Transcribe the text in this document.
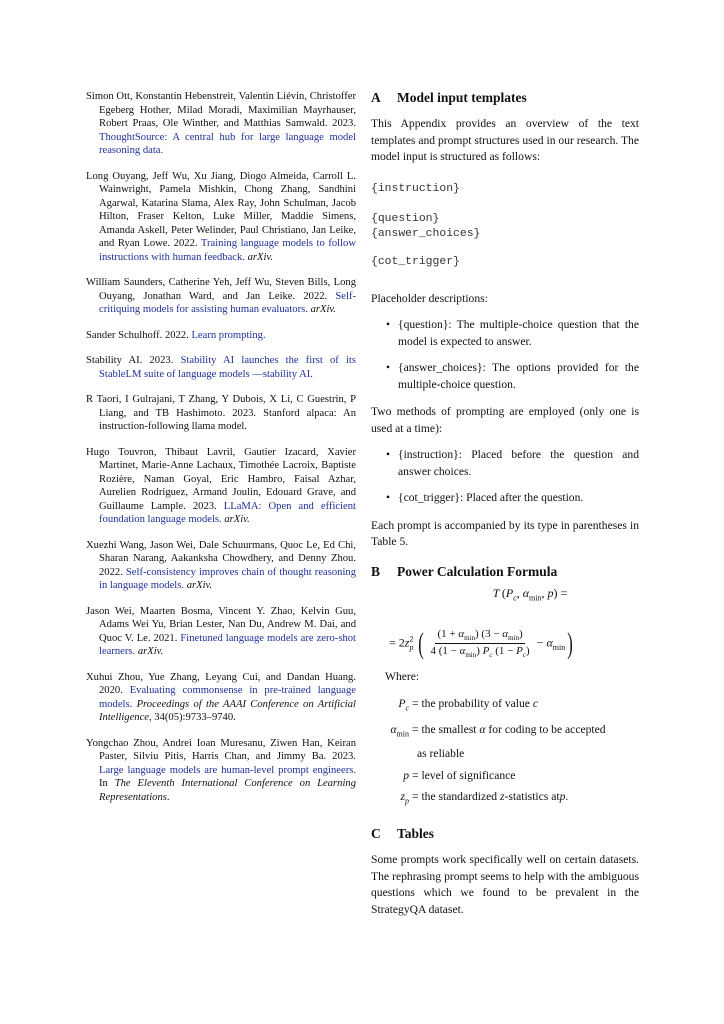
Simon Ott, Konstantin Hebenstreit, Valentin Liévin, Christoffer Egeberg Hother, Milad Moradi, Maximilian Mayrhauser, Robert Praas, Ole Winther, and Matthias Samwald. 2023. ThoughtSource: A central hub for large language model reasoning data.

Long Ouyang, Jeff Wu, Xu Jiang, Diogo Almeida, Carroll L. Wainwright, Pamela Mishkin, Chong Zhang, Sandhini Agarwal, Katarina Slama, Alex Ray, John Schulman, Jacob Hilton, Fraser Kelton, Luke Miller, Maddie Simens, Amanda Askell, Peter Welinder, Paul Christiano, Jan Leike, and Ryan Lowe. 2022. Training language models to follow instructions with human feedback. arXiv.

William Saunders, Catherine Yeh, Jeff Wu, Steven Bills, Long Ouyang, Jonathan Ward, and Jan Leike. 2022. Self-critiquing models for assisting human evaluators. arXiv.

Sander Schulhoff. 2022. Learn prompting.

Stability AI. 2023. Stability AI launches the first of its StableLM suite of language models —stability AI.

R Taori, I Gulrajani, T Zhang, Y Dubois, X Li, C Guestrin, P Liang, and TB Hashimoto. 2023. Stanford alpaca: An instruction-following llama model.

Hugo Touvron, Thibaut Lavril, Gautier Izacard, Xavier Martinet, Marie-Anne Lachaux, Timothée Lacroix, Baptiste Rozière, Naman Goyal, Eric Hambro, Faisal Azhar, Aurelien Rodriguez, Armand Joulin, Edouard Grave, and Guillaume Lample. 2023. LLaMA: Open and efficient foundation language models. arXiv.

Xuezhi Wang, Jason Wei, Dale Schuurmans, Quoc Le, Ed Chi, Sharan Narang, Aakanksha Chowdhery, and Denny Zhou. 2022. Self-consistency improves chain of thought reasoning in language models. arXiv.

Jason Wei, Maarten Bosma, Vincent Y. Zhao, Kelvin Guu, Adams Wei Yu, Brian Lester, Nan Du, Andrew M. Dai, and Quoc V. Le. 2021. Finetuned language models are zero-shot learners. arXiv.

Xuhui Zhou, Yue Zhang, Leyang Cui, and Dandan Huang. 2020. Evaluating commonsense in pre-trained language models. Proceedings of the AAAI Conference on Artificial Intelligence, 34(05):9733–9740.

Yongchao Zhou, Andrei Ioan Muresanu, Ziwen Han, Keiran Paster, Silviu Pitis, Harris Chan, and Jimmy Ba. 2023. Large language models are human-level prompt engineers. In The Eleventh International Conference on Learning Representations.

A	Model input templates

This Appendix provides an overview of the text templates and prompt structures used in our research. The model input is structured as follows:

{instruction}

{question}

{answer_choices}

{cot_trigger}

Placeholder descriptions:

• {question}: The multiple-choice question that the model is expected to answer.
• {answer_choices}: The options provided for the multiple-choice question.

Two methods of prompting are employed (only one is used at a time):

• {instruction}: Placed before the question and answer choices.
• {cot_trigger}: Placed after the question.

Each prompt is accompanied by its type in parentheses in Table 5.

B	Power Calculation Formula
T ($P_c$, $\alpha_{min}$, p) =
= $2z^2_p$ ( $\frac{(1 + \alpha_{min}) (3 - \alpha_{min})}{4 (1 - \alpha_{min}) P_c (1 - P_c)} - \alpha_{min}$)

Where:

$P_c$ = the probability of value c
$\alpha_{min}$ = the smallest α for coding to be accepted
as reliable
p = level of significance
$z_p$ = the standardized z-statistics atp.
C	Tables

Some prompts work specifically well on certain datasets. The rephrasing prompt seems to help with the ambiguous questions which we found to be prevalent in the StrategyQA dataset.
